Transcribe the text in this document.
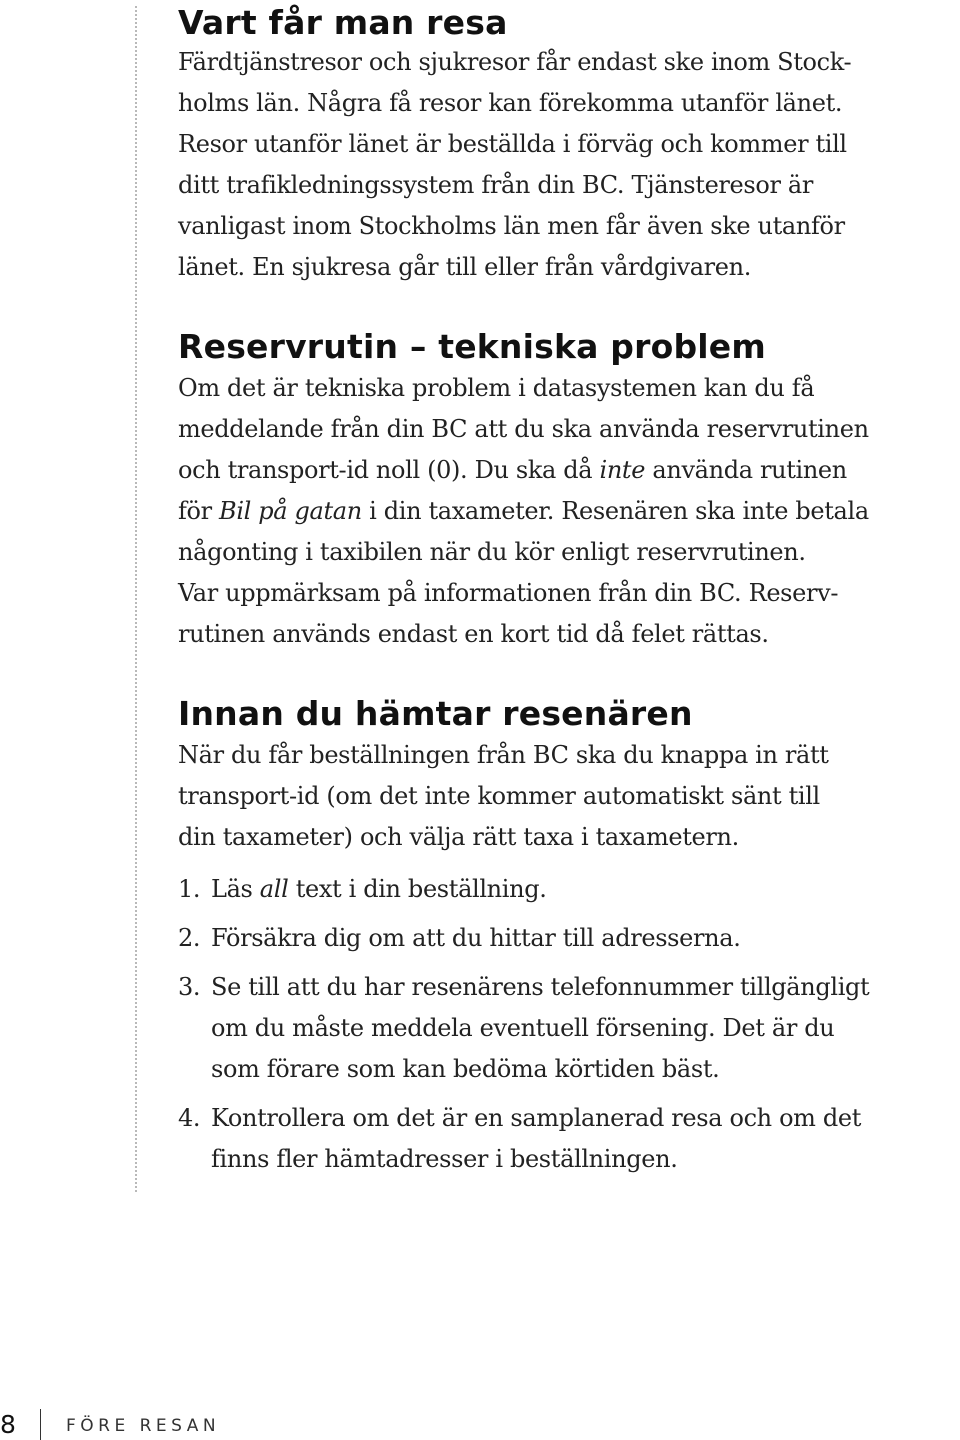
Vart får man resa

Färdtjänstresor och sjukresor får endast ske inom Stock-
holms län. Några få resor kan förekomma utanför länet.
Resor utanför länet är beställda i förväg och kommer till
ditt trafikledningssystem från din BC. Tjänsteresor är
vanligast inom Stockholms län men får även ske utanför
länet. En sjukresa går till eller från vårdgivaren.

Reservrutin – tekniska problem

Om det är tekniska problem i datasystemen kan du få
meddelande från din BC att du ska använda reservrutinen
och transport-id noll (0). Du ska då inte använda rutinen
för Bil på gatan i din taxameter. Resenären ska inte betala
någonting i taxibilen när du kör enligt reservrutinen.
Var uppmärksam på informationen från din BC. Reserv-
rutinen används endast en kort tid då felet rättas.

Innan du hämtar resenären

När du får beställningen från BC ska du knappa in rätt
transport-id (om det inte kommer automatiskt sänt till
din taxameter) och välja rätt taxa i taxametern.

1. Läs all text i din beställning.
2. Försäkra dig om att du hittar till adresserna.
3. Se till att du har resenärens telefonnummer tillgängligt
om du måste meddela eventuell försening. Det är du
som förare som kan bedöma körtiden bäst.
4. Kontrollera om det är en samplanerad resa och om det
finns fler hämtadresser i beställningen.
8	FÖRE RESAN
